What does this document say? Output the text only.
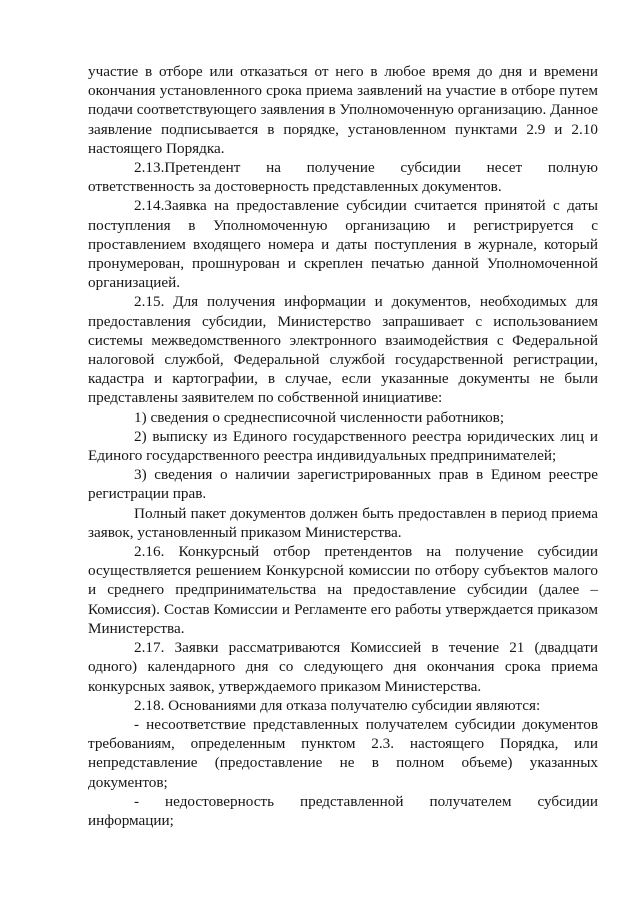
участие в отборе или отказаться от него в любое время до дня и времени окончания установленного срока приема заявлений на участие в отборе путем подачи соответствующего заявления в Уполномоченную организацию. Данное заявление подписывается в порядке, установленном пунктами 2.9 и 2.10 настоящего Порядка.

2.13.Претендент на получение субсидии несет полную ответственность за достоверность представленных документов.

2.14.Заявка на предоставление субсидии считается принятой с даты поступления в Уполномоченную организацию и регистрируется с проставлением входящего номера и даты поступления в журнале, который пронумерован, прошнурован и скреплен печатью данной Уполномоченной организацией.

2.15. Для получения информации и документов, необходимых для предоставления субсидии, Министерство запрашивает с использованием системы межведомственного электронного взаимодействия с Федеральной налоговой службой, Федеральной службой государственной регистрации, кадастра и картографии, в случае, если указанные документы не были представлены заявителем по собственной инициативе:

1) сведения о среднесписочной численности работников;

2) выписку из Единого государственного реестра юридических лиц и Единого государственного реестра индивидуальных предпринимателей;

3) сведения о наличии зарегистрированных прав в Едином реестре регистрации прав.

Полный пакет документов должен быть предоставлен в период приема заявок, установленный приказом Министерства.

2.16. Конкурсный отбор претендентов на получение субсидии осуществляется решением Конкурсной комиссии по отбору субъектов малого и среднего предпринимательства на предоставление субсидии (далее – Комиссия). Состав Комиссии и Регламенте его работы утверждается приказом Министерства.

2.17. Заявки рассматриваются Комиссией в течение 21 (двадцати одного) календарного дня со следующего дня окончания срока приема конкурсных заявок, утверждаемого приказом Министерства.

2.18. Основаниями для отказа получателю субсидии являются:

- несоответствие представленных получателем субсидии документов требованиям, определенным пунктом 2.3. настоящего Порядка, или непредставление (предоставление не в полном объеме) указанных документов;

- недостоверность представленной получателем субсидии информации;
